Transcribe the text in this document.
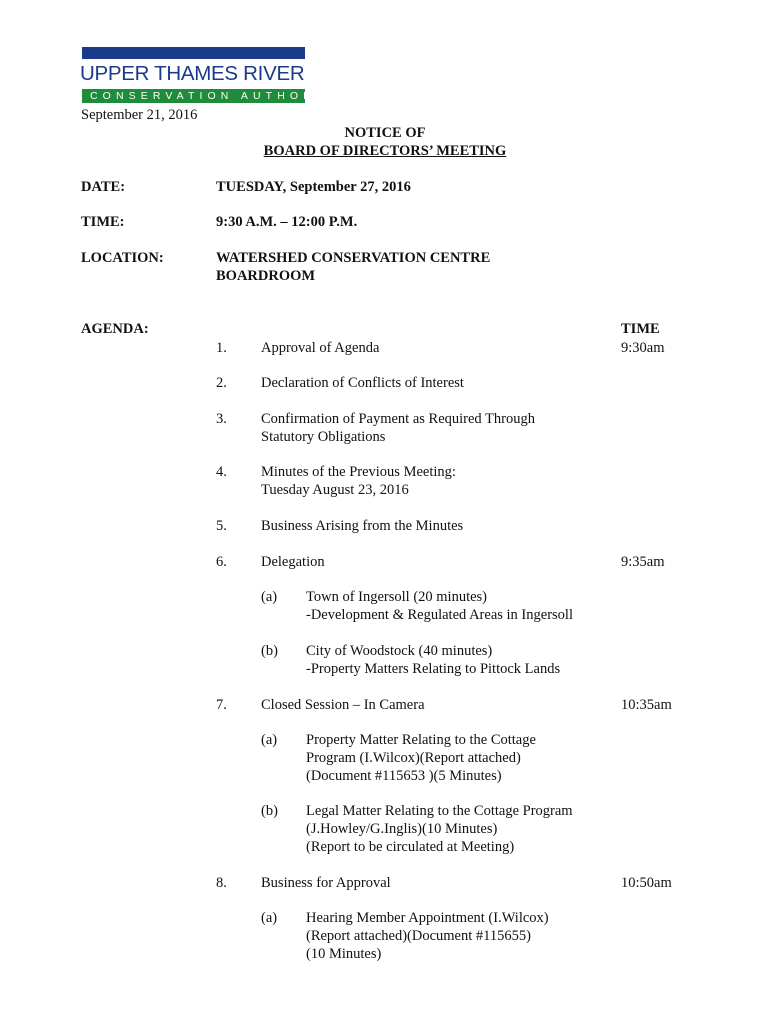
UPPER THAMES RIVER
CONSERVATION AUTHORITY
September 21, 2016
NOTICE OF
BOARD OF DIRECTORS’ MEETING
DATE:	TUESDAY, September 27, 2016
TIME:	9:30 A.M. – 12:00 P.M.
LOCATION:	WATERSHED CONSERVATION CENTRE
BOARDROOM
AGENDA:	TIME
1. Approval of Agenda	9:30am
2. Declaration of Conflicts of Interest
3. Confirmation of Payment as Required Through
Statutory Obligations
4. Minutes of the Previous Meeting:
Tuesday August 23, 2016
5. Business Arising from the Minutes
6. Delegation	9:35am
(a) Town of Ingersoll (20 minutes)
-Development & Regulated Areas in Ingersoll
(b) City of Woodstock (40 minutes)
-Property Matters Relating to Pittock Lands
7. Closed Session – In Camera	10:35am
(a) Property Matter Relating to the Cottage
Program (I.Wilcox)(Report attached)
(Document #115653 )(5 Minutes)
(b) Legal Matter Relating to the Cottage Program
(J.Howley/G.Inglis)(10 Minutes)
(Report to be circulated at Meeting)
8. Business for Approval	10:50am
(a) Hearing Member Appointment (I.Wilcox)
(Report attached)(Document #115655)
(10 Minutes)
